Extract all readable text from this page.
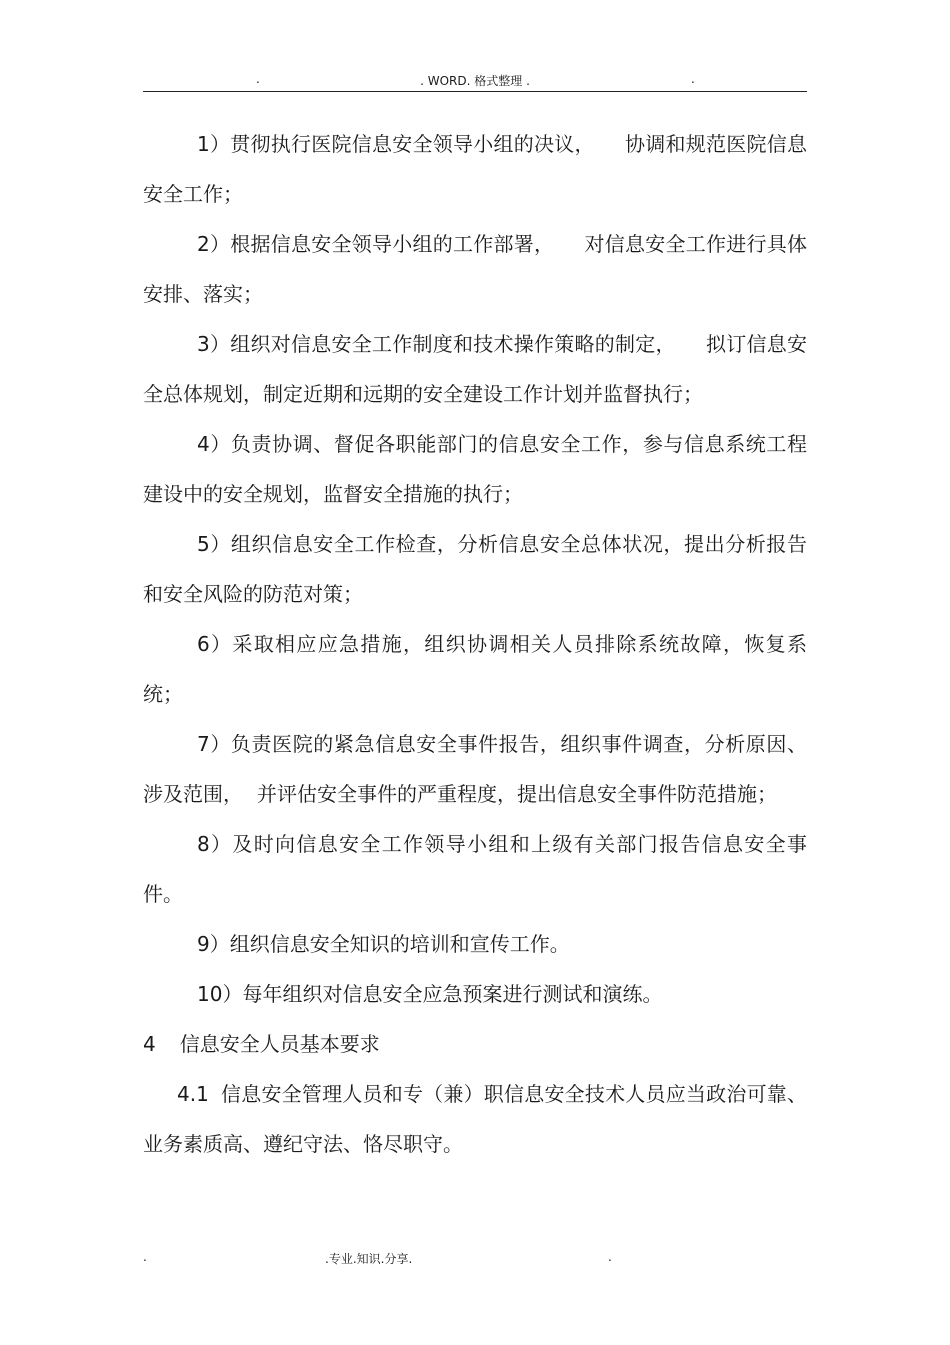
.	. WORD. 格式整理 .	.

1）贯彻执行医院信息安全领导小组的决议， 协调和规范医院信息安全工作；

2）根据信息安全领导小组的工作部署， 对信息安全工作进行具体安排、落实；

3）组织对信息安全工作制度和技术操作策略的制定， 拟订信息安全总体规划，制定近期和远期的安全建设工作计划并监督执行；

4）负责协调、督促各职能部门的信息安全工作，参与信息系统工程建设中的安全规划，监督安全措施的执行；

5）组织信息安全工作检查，分析信息安全总体状况，提出分析报告和安全风险的防范对策；

6）采取相应应急措施，组织协调相关人员排除系统故障，恢复系统；

7）负责医院的紧急信息安全事件报告，组织事件调查，分析原因、涉及范围， 并评估安全事件的严重程度，提出信息安全事件防范措施；

8）及时向信息安全工作领导小组和上级有关部门报告信息安全事件。

9）组织信息安全知识的培训和宣传工作。

10）每年组织对信息安全应急预案进行测试和演练。

4 信息安全人员基本要求

4.1 信息安全管理人员和专（兼）职信息安全技术人员应当政治可靠、业务素质高、遵纪守法、恪尽职守。

.	.专业.知识.分享.	.
